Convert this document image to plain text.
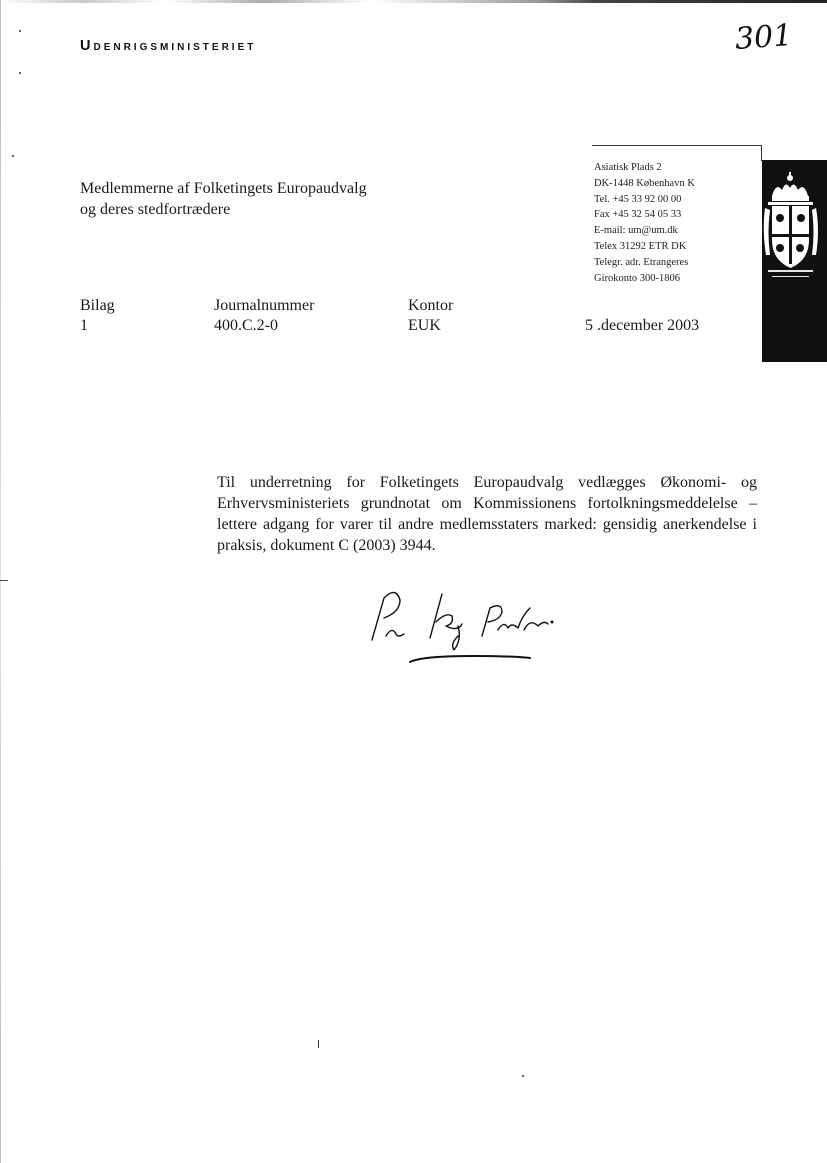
Udenrigsministeriet	301
Medlemmerne af Folketingets Europaudvalg
og deres stedfortrædere
Asiatisk Plads 2
DK-1448 København K
Tel. +45 33 92 00 00
Fax +45 32 54 05 33
E-mail: um@um.dk
Telex 31292 ETR DK
Telegr. adr. Etrangeres
Girokonto 300-1806
Bilag
1
Journalnummer
400.C.2-0
Kontor
EUK	5 .december 2003
Til underretning for Folketingets Europaudvalg vedlægges Økonomi- og Erhvervsministeriets grundnotat om Kommissionens fortolkningsmeddelelse – lettere adgang for varer til andre medlemsstaters marked: gensidig anerkendelse i praksis, dokument C (2003) 3944.
